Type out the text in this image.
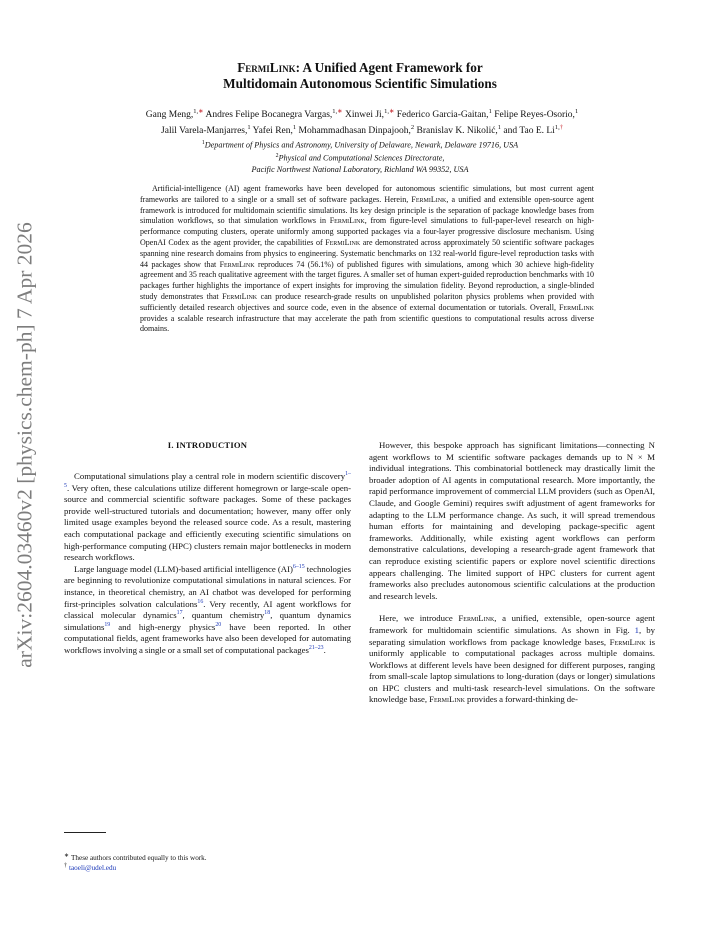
arXiv:2604.03460v2 [physics.chem-ph] 7 Apr 2026
FermiLink: A Unified Agent Framework for
Multidomain Autonomous Scientific Simulations
Gang Meng,$^{1,∗}$ Andres Felipe Bocanegra Vargas,$^{1,∗}$ Xinwei Ji,$^{1,∗}$ Federico Garcia-Gaitan,$^1$ Felipe Reyes-Osorio,$^1$
Jalil Varela-Manjarres,$^1$ Yafei Ren,$^1$ Mohammadhasan Dinpajooh,$^2$ Branislav K. Nikolić,$^1$ and Tao E. $Li^{1,\dagger}$
$^1$Department of Physics and Astronomy, University of Delaware, Newark, Delaware 19716, USA
$^2$Physical and Computational Sciences Directorate,
Pacific Northwest National Laboratory, Richland WA 99352, USA
Artificial-intelligence (AI) agent frameworks have been developed for autonomous scientific simulations, but most current agent frameworks are tailored to a single or a small set of software packages. Herein, FermiLink, a unified and extensible open-source agent framework is introduced for multidomain scientific simulations. Its key design principle is the separation of package knowledge bases from simulation workflows, so that simulation workflows in FermiLink, from figure-level simulations to full-paper-level research on high-performance computing clusters, operate uniformly among supported packages via a four-layer progressive disclosure mechanism. Using OpenAI Codex as the agent provider, the capabilities of FermiLink are demonstrated across approximately 50 scientific software packages spanning nine research domains from physics to engineering. Systematic benchmarks on 132 real-world figure-level reproduction tasks with 44 packages show that FermiLink reproduces 74 (56.1%) of published figures with simulations, among which 30 achieve high-fidelity agreement and 35 reach qualitative agreement with the target figures. A smaller set of human expert-guided reproduction benchmarks with 10 packages further highlights the importance of expert insights for improving the simulation fidelity. Beyond reproduction, a single-blinded study demonstrates that FermiLink can produce research-grade results on unpublished polariton physics problems when provided with sufficiently detailed research objectives and source code, even in the absence of external documentation or tutorials. Overall, FermiLink provides a scalable research infrastructure that may accelerate the path from scientific questions to computational results across diverse domains.
I. INTRODUCTION

Computational simulations play a central role in modern scientific discovery$^{1-5}$. Very often, these calculations utilize different homegrown or large-scale open-source and commercial scientific software packages. Some of these packages provide well-structured tutorials and documentation; however, many offer only limited usage examples beyond the released source code. As a result, mastering each computational package and efficiently executing scientific simulations on high-performance computing (HPC) clusters remain major bottlenecks in modern research workflows.

Large language model (LLM)-based artificial intelligence (AI)$^{6-15}$ technologies are beginning to revolutionize computational simulations in natural sciences. For instance, in theoretical chemistry, an AI chatbot was developed for performing first-principles solvation calculations$^{16}$. Very recently, AI agent workflows for classical molecular dynamics$^{17}$, quantum chemistry$^{18}$, quantum dynamics simulations$^{19}$ and high-energy physics$^{20}$ have been reported. In other computational fields, agent frameworks have also been developed for automating workflows involving a single or a small set of computational packages$^{21-23}$.

However, this bespoke approach has significant limitations—connecting N agent workflows to M scientific software packages demands up to N × M individual integrations. This combinatorial bottleneck may drastically limit the broader adoption of AI agents in computational research. More importantly, the rapid performance improvement of commercial LLM providers (such as OpenAI, Claude, and Google Gemini) requires swift adjustment of agent frameworks for adapting to the LLM performance change. As such, it will spread tremendous human efforts for maintaining and developing package-specific agent frameworks. Additionally, while existing agent workflows can perform demonstrative calculations, developing a research-grade agent framework that can reproduce existing scientific papers or explore novel scientific directions appears challenging. The limited support of HPC clusters for current agent frameworks also precludes autonomous scientific calculations at the production and research levels.

Here, we introduce FermiLink, a unified, extensible, open-source agent framework for multidomain scientific simulations. As shown in Fig. 1, by separating simulation workflows from package knowledge bases, FermiLink is uniformly applicable to computational packages across multiple domains. Workflows at different levels have been designed for different purposes, ranging from small-scale laptop simulations to long-duration (days or longer) simulations on HPC clusters and multi-task research-level simulations. On the software knowledge base, FermiLink provides a forward-thinking de-

∗ These authors contributed equally to this work.
† taoeli@udel.edu
